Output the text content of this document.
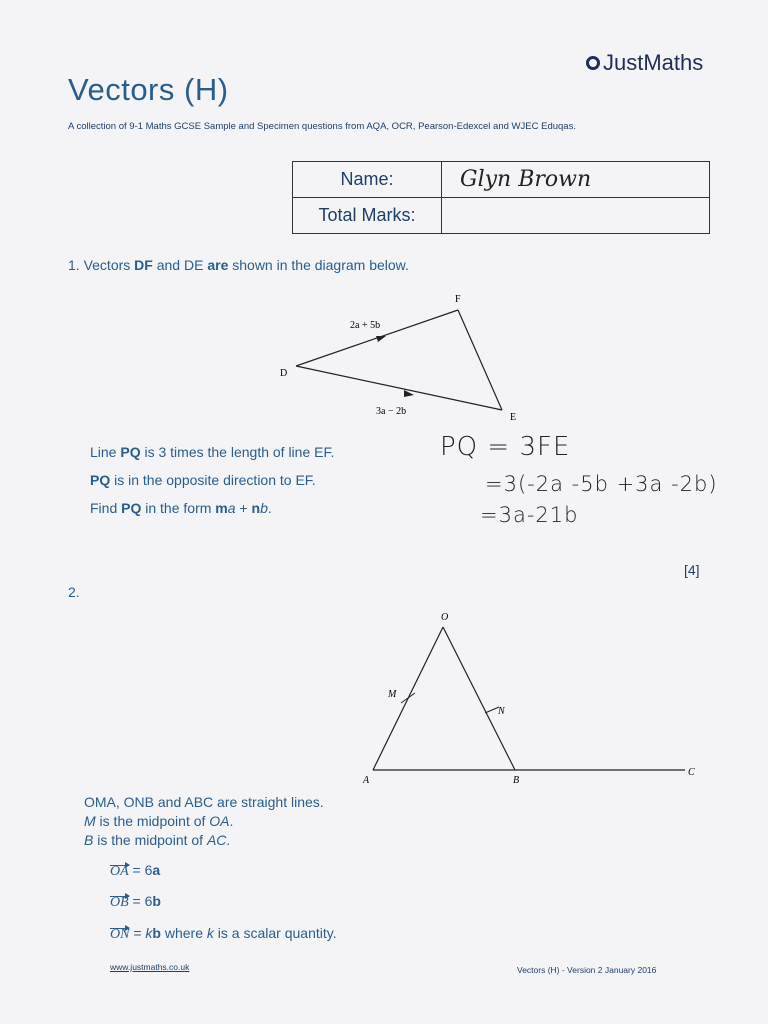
Vectors (H)
A collection of 9-1 Maths GCSE Sample and Specimen questions from AQA, OCR, Pearson-Edexcel and WJEC Eduqas.
JustMaths
Name:	Glyn Brown
Total Marks:	
1. Vectors DF and DE are shown in the diagram below.
F
D
E
2a + 5b
3a − 2b
Line PQ is 3 times the length of line EF.
PQ is in the opposite direction to EF.
Find PQ in the form ma + nb.
PQ = 3FE
=3(-2a -5b +3a -2b)
=3a-21b
[4]
2.
O
M
N
A	B
C
OMA, ONB and ABC are straight lines.
M is the midpoint of OA.
B is the midpoint of AC.
OA = 6a
OB = 6b
ON = kb where k is a scalar quantity.
www.justmaths.co.uk	Vectors (H) - Version 2 January 2016
